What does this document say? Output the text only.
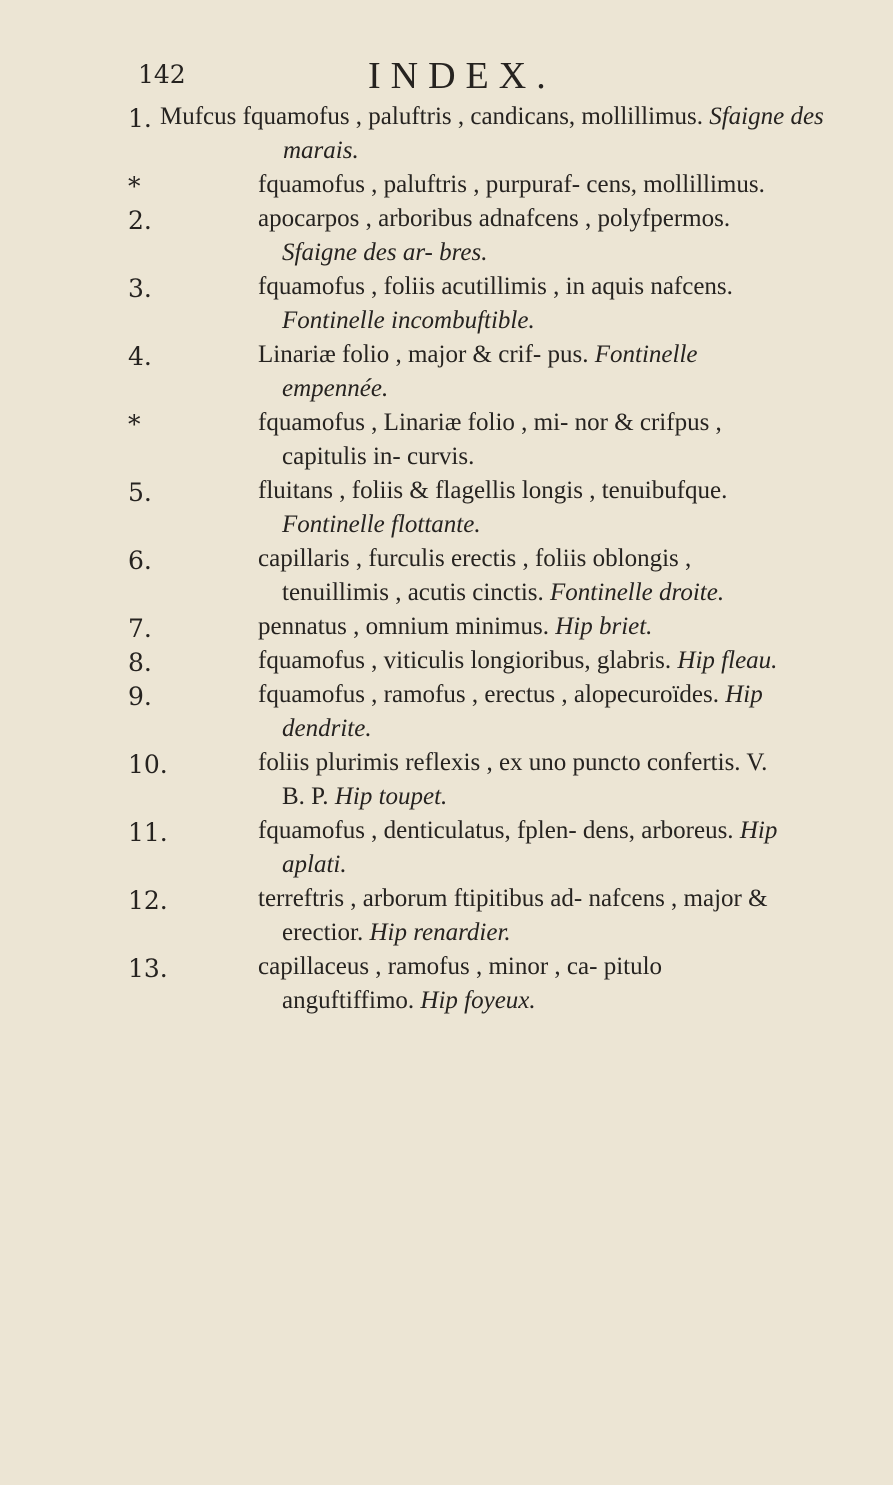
142	INDEX.
1. Mufcus fquamofus , paluftris , candicans, mollillimus. Sfaigne des marais.
*	fquamofus , paluftris , purpuraf- cens, mollillimus.
2.	apocarpos , arboribus adnafcens , polyfpermos. Sfaigne des ar- bres.
3.	fquamofus , foliis acutillimis , in aquis nafcens. Fontinelle incombuftible.
4.	Linariæ folio , major & crif- pus. Fontinelle empennée.
*	fquamofus , Linariæ folio , mi- nor & crifpus , capitulis in- curvis.
5.	fluitans , foliis & flagellis longis , tenuibufque. Fontinelle flottante.
6.	capillaris , furculis erectis , foliis oblongis , tenuillimis , acutis cinctis. Fontinelle droite.
7.	pennatus , omnium minimus. Hip briet.
8.	fquamofus , viticulis longioribus, glabris. Hip fleau.
9.	fquamofus , ramofus , erectus , alopecuroïdes. Hip dendrite.
10.	foliis plurimis reflexis , ex uno puncto confertis. V. B. P. Hip toupet.
11.	fquamofus , denticulatus, fplen- dens, arboreus. Hip aplati.
12.	terreftris , arborum ftipitibus ad- nafcens , major & erectior. Hip renardier.
13.	capillaceus , ramofus , minor , ca- pitulo anguftiffimo. Hip foyeux.
